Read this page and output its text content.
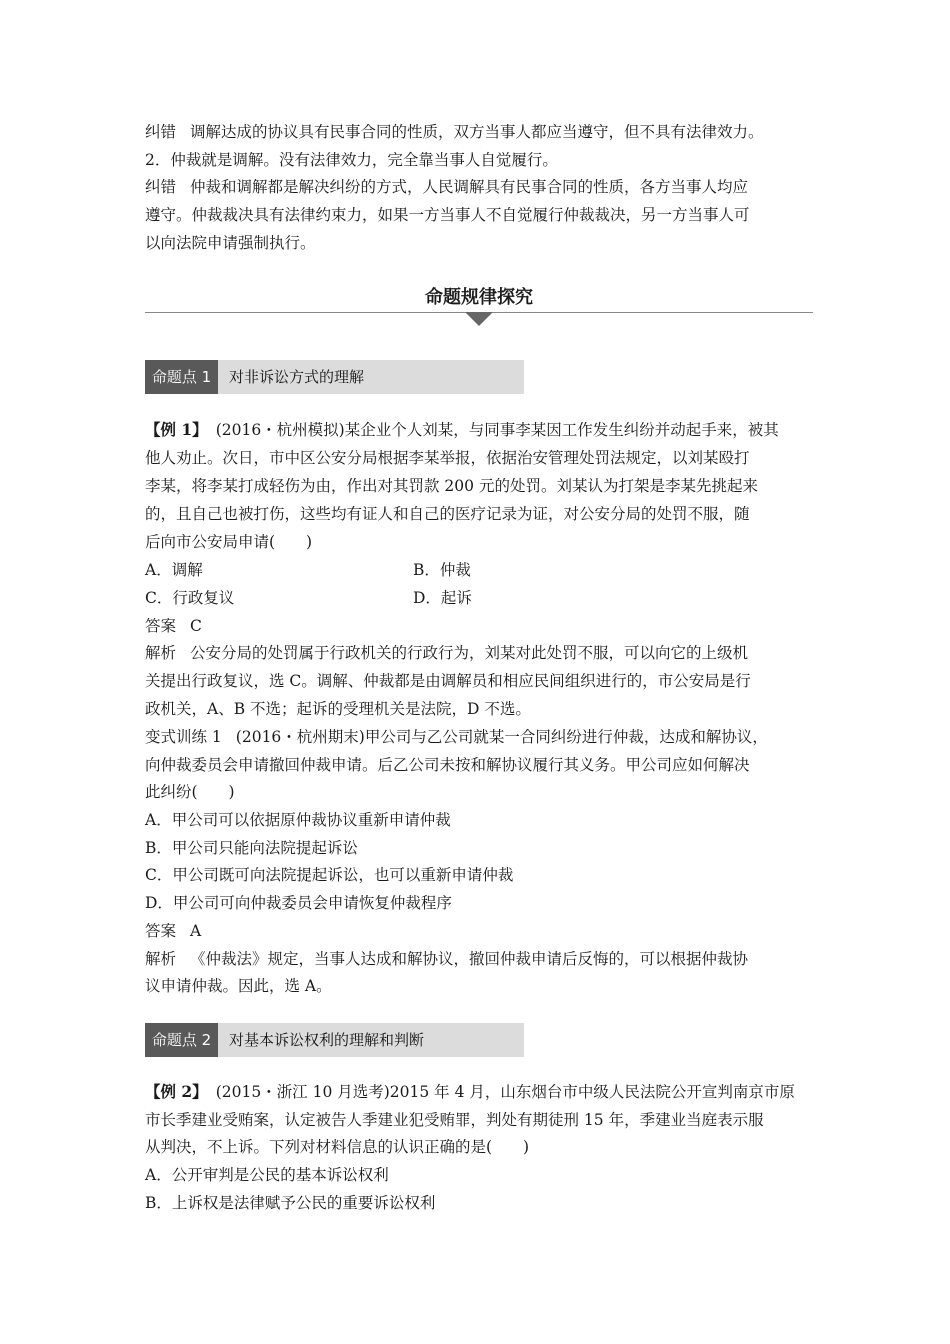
纠错 调解达成的协议具有民事合同的性质，双方当事人都应当遵守，但不具有法律效力。
2．仲裁就是调解。没有法律效力，完全靠当事人自觉履行。
纠错 仲裁和调解都是解决纠纷的方式，人民调解具有民事合同的性质，各方当事人均应
遵守。仲裁裁决具有法律约束力，如果一方当事人不自觉履行仲裁裁决，另一方当事人可
以向法院申请强制执行。
命题规律探究
命题点 1	对非诉讼方式的理解
【例 1】 (2016・杭州模拟)某企业个人刘某，与同事李某因工作发生纠纷并动起手来，被其
他人劝止。次日，市中区公安分局根据李某举报，依据治安管理处罚法规定，以刘某殴打
李某，将李某打成轻伤为由，作出对其罚款 200 元的处罚。刘某认为打架是李某先挑起来
的，且自己也被打伤，这些均有证人和自己的医疗记录为证，对公安分局的处罚不服，随
后向市公安局申请(　　)
A．调解	B．仲裁
C．行政复议	D．起诉
答案 C
解析 公安分局的处罚属于行政机关的行政行为，刘某对此处罚不服，可以向它的上级机
关提出行政复议，选 C。调解、仲裁都是由调解员和相应民间组织进行的，市公安局是行
政机关，A、B 不选；起诉的受理机关是法院，D 不选。
变式训练 1 (2016・杭州期末)甲公司与乙公司就某一合同纠纷进行仲裁，达成和解协议，
向仲裁委员会申请撤回仲裁申请。后乙公司未按和解协议履行其义务。甲公司应如何解决
此纠纷(　　)
A．甲公司可以依据原仲裁协议重新申请仲裁
B．甲公司只能向法院提起诉讼
C．甲公司既可向法院提起诉讼，也可以重新申请仲裁
D．甲公司可向仲裁委员会申请恢复仲裁程序
答案 A
解析 《仲裁法》规定，当事人达成和解协议，撤回仲裁申请后反悔的，可以根据仲裁协
议申请仲裁。因此，选 A。
命题点 2	对基本诉讼权利的理解和判断
【例 2】 (2015・浙江 10 月选考)2015 年 4 月，山东烟台市中级人民法院公开宣判南京市原
市长季建业受贿案，认定被告人季建业犯受贿罪，判处有期徒刑 15 年，季建业当庭表示服
从判决，不上诉。下列对材料信息的认识正确的是(　　)
A．公开审判是公民的基本诉讼权利
B．上诉权是法律赋予公民的重要诉讼权利
